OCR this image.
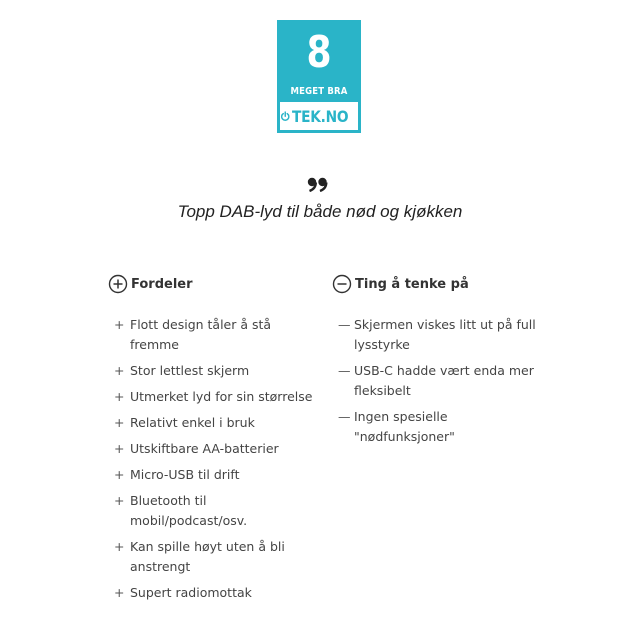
8
MEGET BRA
TEK.NO
Topp DAB-lyd til både nød og kjøkken
Fordeler	Ting å tenke på
+ Flott design tåler å stå fremme
+ Stor lettlest skjerm
+ Utmerket lyd for sin størrelse
+ Relativt enkel i bruk
+ Utskiftbare AA-batterier
+ Micro-USB til drift
+ Bluetooth til mobil/podcast/osv.
+ Kan spille høyt uten å bli anstrengt
+ Supert radiomottak
— Skjermen viskes litt ut på full lysstyrke
— USB-C hadde vært enda mer fleksibelt
— Ingen spesielle "nødfunksjoner"
